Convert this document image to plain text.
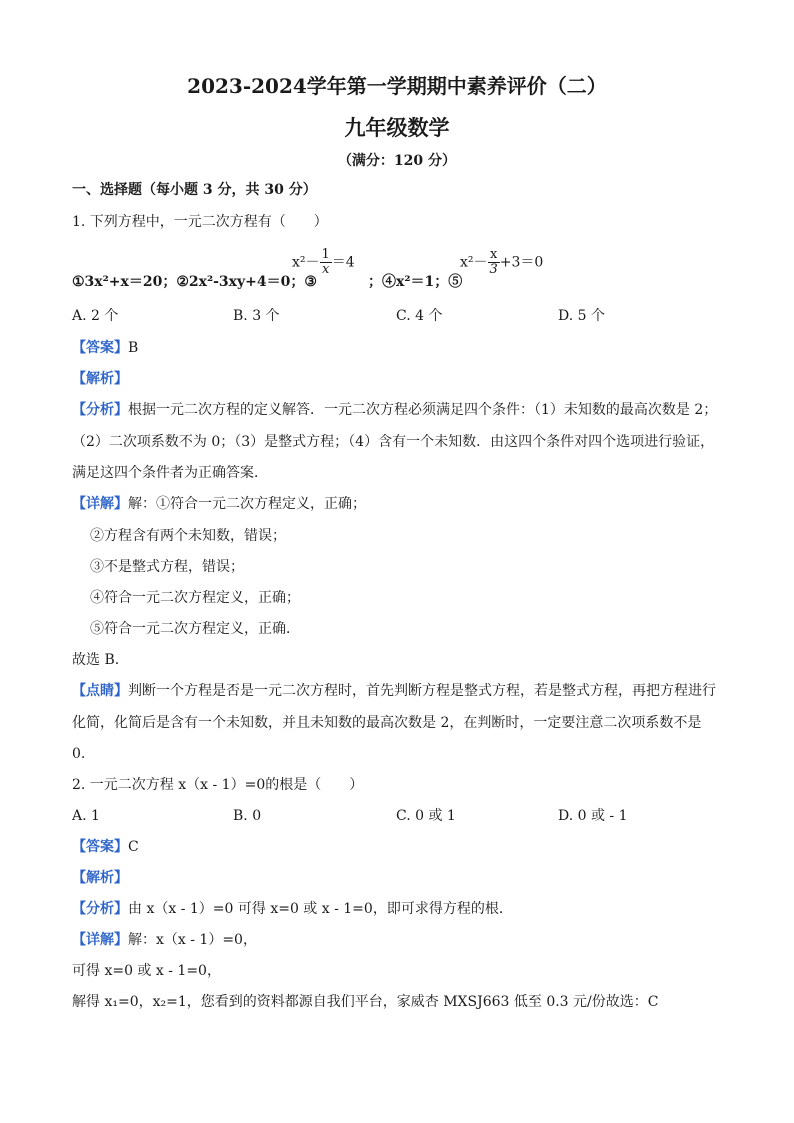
2023-2024学年第一学期期中素养评价（二）
九年级数学
（满分：120 分）
一、选择题（每小题 3 分，共 30 分）
1. 下列方程中，一元二次方程有（　　）
①3x²+x＝20；②2x²-3xy+4＝0；③
$x^2- \frac{1}{x} =4$
；④x²＝1；⑤
$x^2- \frac{x}{3} +3=0$
A. 2 个	B. 3 个	C. 4 个	D. 5 个
【答案】B
【解析】
【分析】根据一元二次方程的定义解答．一元二次方程必须满足四个条件：（1）未知数的最高次数是 2；
（2）二次项系数不为 0；（3）是整式方程；（4）含有一个未知数．由这四个条件对四个选项进行验证，
满足这四个条件者为正确答案．
【详解】解：①符合一元二次方程定义，正确；
②方程含有两个未知数，错误；
③不是整式方程，错误；
④符合一元二次方程定义，正确；
⑤符合一元二次方程定义，正确．
故选 B.
【点睛】判断一个方程是否是一元二次方程时，首先判断方程是整式方程，若是整式方程，再把方程进行
化简，化简后是含有一个未知数，并且未知数的最高次数是 2，在判断时，一定要注意二次项系数不是
0.
2. 一元二次方程 x（x - 1）=0的根是（　　）
A. 1	B. 0	C. 0 或 1	D. 0 或 - 1
【答案】C
【解析】
【分析】由 x（x - 1）=0 可得 x=0 或 x - 1=0，即可求得方程的根．
【详解】解：x（x - 1）=0，
可得 x=0 或 x - 1=0，
解得 x₁=0，x₂=1，您看到的资料都源自我们平台，家威杏 MXSJ663 低至 0.3 元/份故选：C
